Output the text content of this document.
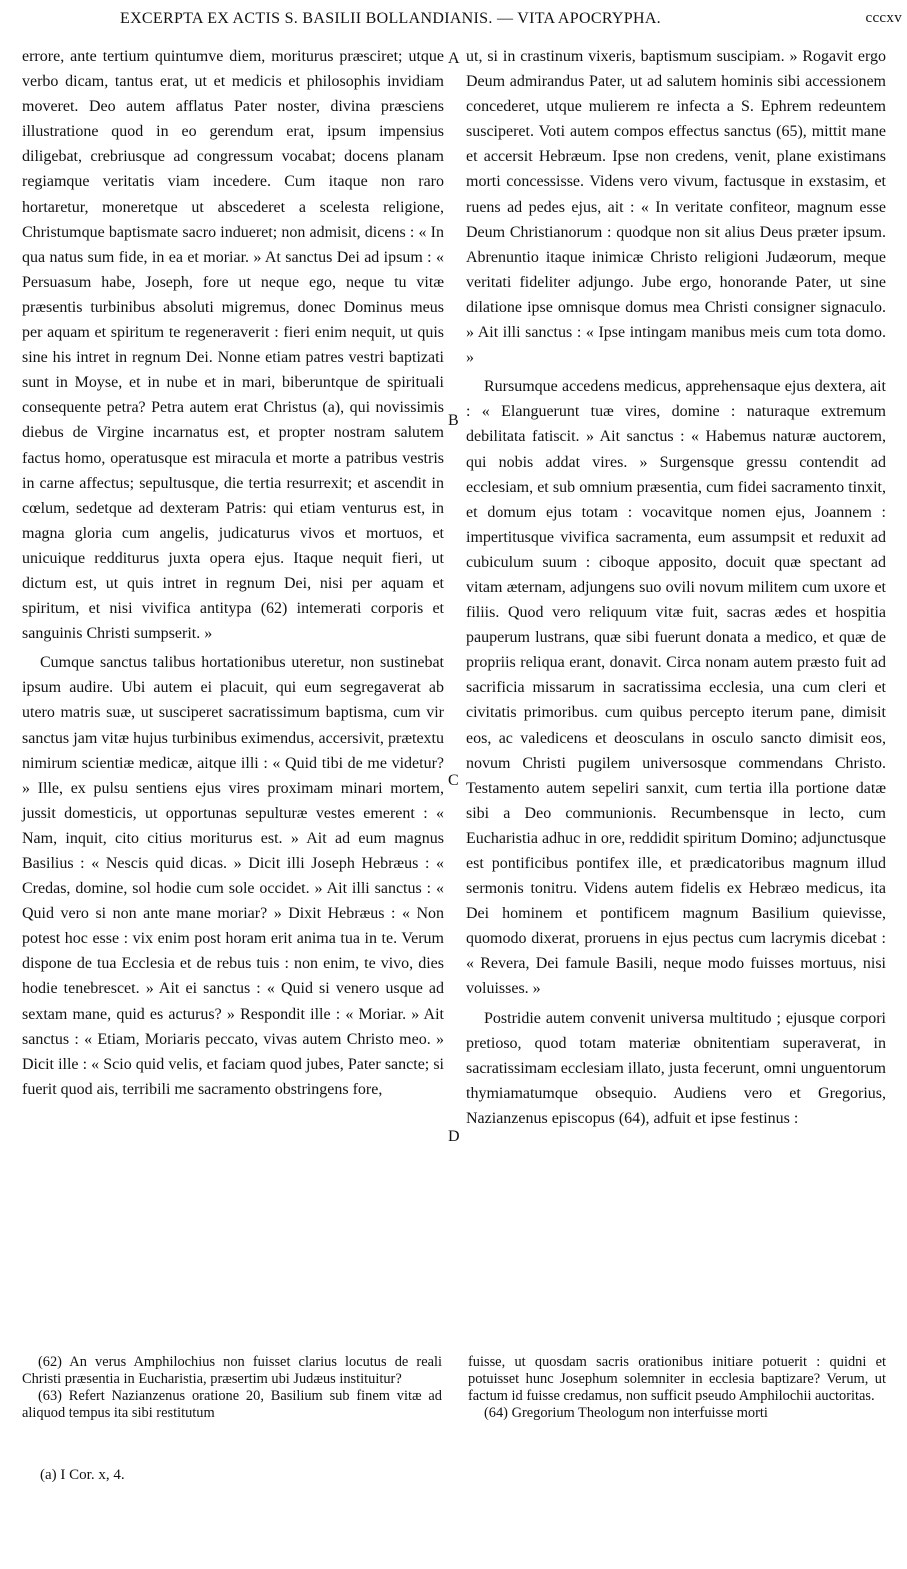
EXCERPTA EX ACTIS S. BASILII BOLLANDIANIS. — VITA APOCRYPHA.	cccxv

errore, ante tertium quintumve diem, moriturus præsciret; utque verbo dicam, tantus erat, ut et medicis et philosophis invidiam moveret. Deo autem afflatus Pater noster, divina præsciens illustratione quod in eo gerendum erat, ipsum impensius diligebat, crebriusque ad congressum vocabat; docens planam regiamque veritatis viam incedere. Cum itaque non raro hortaretur, moneretque ut abscederet a scelesta religione, Christumque baptismate sacro indueret; non admisit, dicens : « In qua natus sum fide, in ea et moriar. » At sanctus Dei ad ipsum : « Persuasum habe, Joseph, fore ut neque ego, neque tu vitæ præsentis turbinibus absoluti migremus, donec Dominus meus per aquam et spiritum te regeneraverit : fieri enim nequit, ut quis sine his intret in regnum Dei. Nonne etiam patres vestri baptizati sunt in Moyse, et in nube et in mari, biberuntque de spirituali consequente petra? Petra autem erat Christus (a), qui novissimis diebus de Virgine incarnatus est, et propter nostram salutem factus homo, operatusque est miracula et morte a patribus vestris in carne affectus; sepultusque, die tertia resurrexit; et ascendit in cœlum, sedetque ad dexteram Patris: qui etiam venturus est, in magna gloria cum angelis, judicaturus vivos et mortuos, et unicuique redditurus juxta opera ejus. Itaque nequit fieri, ut dictum est, ut quis intret in regnum Dei, nisi per aquam et spiritum, et nisi vivifica antitypa (62) intemerati corporis et sanguinis Christi sumpserit. »

Cumque sanctus talibus hortationibus uteretur, non sustinebat ipsum audire. Ubi autem ei placuit, qui eum segregaverat ab utero matris suæ, ut susciperet sacratissimum baptisma, cum vir sanctus jam vitæ hujus turbinibus eximendus, accersivit, prætextu nimirum scientiæ medicæ, aitque illi : « Quid tibi de me videtur? » Ille, ex pulsu sentiens ejus vires proximam minari mortem, jussit domesticis, ut opportunas sepulturæ vestes emerent : « Nam, inquit, cito citius moriturus est. » Ait ad eum magnus Basilius : « Nescis quid dicas. » Dicit illi Joseph Hebræus : « Credas, domine, sol hodie cum sole occidet. » Ait illi sanctus : « Quid vero si non ante mane moriar? » Dixit Hebræus : « Non potest hoc esse : vix enim post horam erit anima tua in te. Verum dispone de tua Ecclesia et de rebus tuis : non enim, te vivo, dies hodie tenebrescet. » Ait ei sanctus : « Quid si venero usque ad sextam mane, quid es acturus? » Respondit ille : « Moriar. » Ait sanctus : « Etiam, Moriaris peccato, vivas autem Christo meo. » Dicit ille : « Scio quid velis, et faciam quod jubes, Pater sancte; si fuerit quod ais, terribili me sacramento obstringens fore,

A
B
C
D

ut, si in crastinum vixeris, baptismum suscipiam. » Rogavit ergo Deum admirandus Pater, ut ad salutem hominis sibi accessionem concederet, utque mulierem re infecta a S. Ephrem redeuntem susciperet. Voti autem compos effectus sanctus (65), mittit mane et accersit Hebræum. Ipse non credens, venit, plane existimans morti concessisse. Videns vero vivum, factusque in exstasim, et ruens ad pedes ejus, ait : « In veritate confiteor, magnum esse Deum Christianorum : quodque non sit alius Deus præter ipsum. Abrenuntio itaque inimicæ Christo religioni Judæorum, meque veritati fideliter adjungo. Jube ergo, honorande Pater, ut sine dilatione ipse omnisque domus mea Christi consigner signaculo. » Ait illi sanctus : « Ipse intingam manibus meis cum tota domo. »

Rursumque accedens medicus, apprehensaque ejus dextera, ait : « Elanguerunt tuæ vires, domine : naturaque extremum debilitata fatiscit. » Ait sanctus : « Habemus naturæ auctorem, qui nobis addat vires. » Surgensque gressu contendit ad ecclesiam, et sub omnium præsentia, cum fidei sacramento tinxit, et domum ejus totam : vocavitque nomen ejus, Joannem : impertitusque vivifica sacramenta, eum assumpsit et reduxit ad cubiculum suum : ciboque apposito, docuit quæ spectant ad vitam æternam, adjungens suo ovili novum militem cum uxore et filiis. Quod vero reliquum vitæ fuit, sacras ædes et hospitia pauperum lustrans, quæ sibi fuerunt donata a medico, et quæ de propriis reliqua erant, donavit. Circa nonam autem præsto fuit ad sacrificia missarum in sacratissima ecclesia, una cum cleri et civitatis primoribus. cum quibus percepto iterum pane, dimisit eos, ac valedicens et deosculans in osculo sancto dimisit eos, novum Christi pugilem universosque commendans Christo. Testamento autem sepeliri sanxit, cum tertia illa portione datæ sibi a Deo communionis. Recumbensque in lecto, cum Eucharistia adhuc in ore, reddidit spiritum Domino; adjunctusque est pontificibus pontifex ille, et prædicatoribus magnum illud sermonis tonitru. Videns autem fidelis ex Hebræo medicus, ita Dei hominem et pontificem magnum Basilium quievisse, quomodo dixerat, proruens in ejus pectus cum lacrymis dicebat : « Revera, Dei famule Basili, neque modo fuisses mortuus, nisi voluisses. »

Postridie autem convenit universa multitudo ; ejusque corpori pretioso, quod totam materiæ obnitentiam superaverat, in sacratissimam ecclesiam illato, justa fecerunt, omni unguentorum thymiamatumque obsequio. Audiens vero et Gregorius, Nazianzenus episcopus (64), adfuit et ipse festinus :

(62) An verus Amphilochius non fuisset clarius locutus de reali Christi præsentia in Eucharistia, præsertim ubi Judæus instituitur?

(63) Refert Nazianzenus oratione 20, Basilium sub finem vitæ ad aliquod tempus ita sibi restitutum

fuisse, ut quosdam sacris orationibus initiare potuerit : quidni et potuisset hunc Josephum solemniter in ecclesia baptizare? Verum, ut factum id fuisse credamus, non sufficit pseudo Amphilochii auctoritas.

(64) Gregorium Theologum non interfuisse morti

(a) I Cor. x, 4.
